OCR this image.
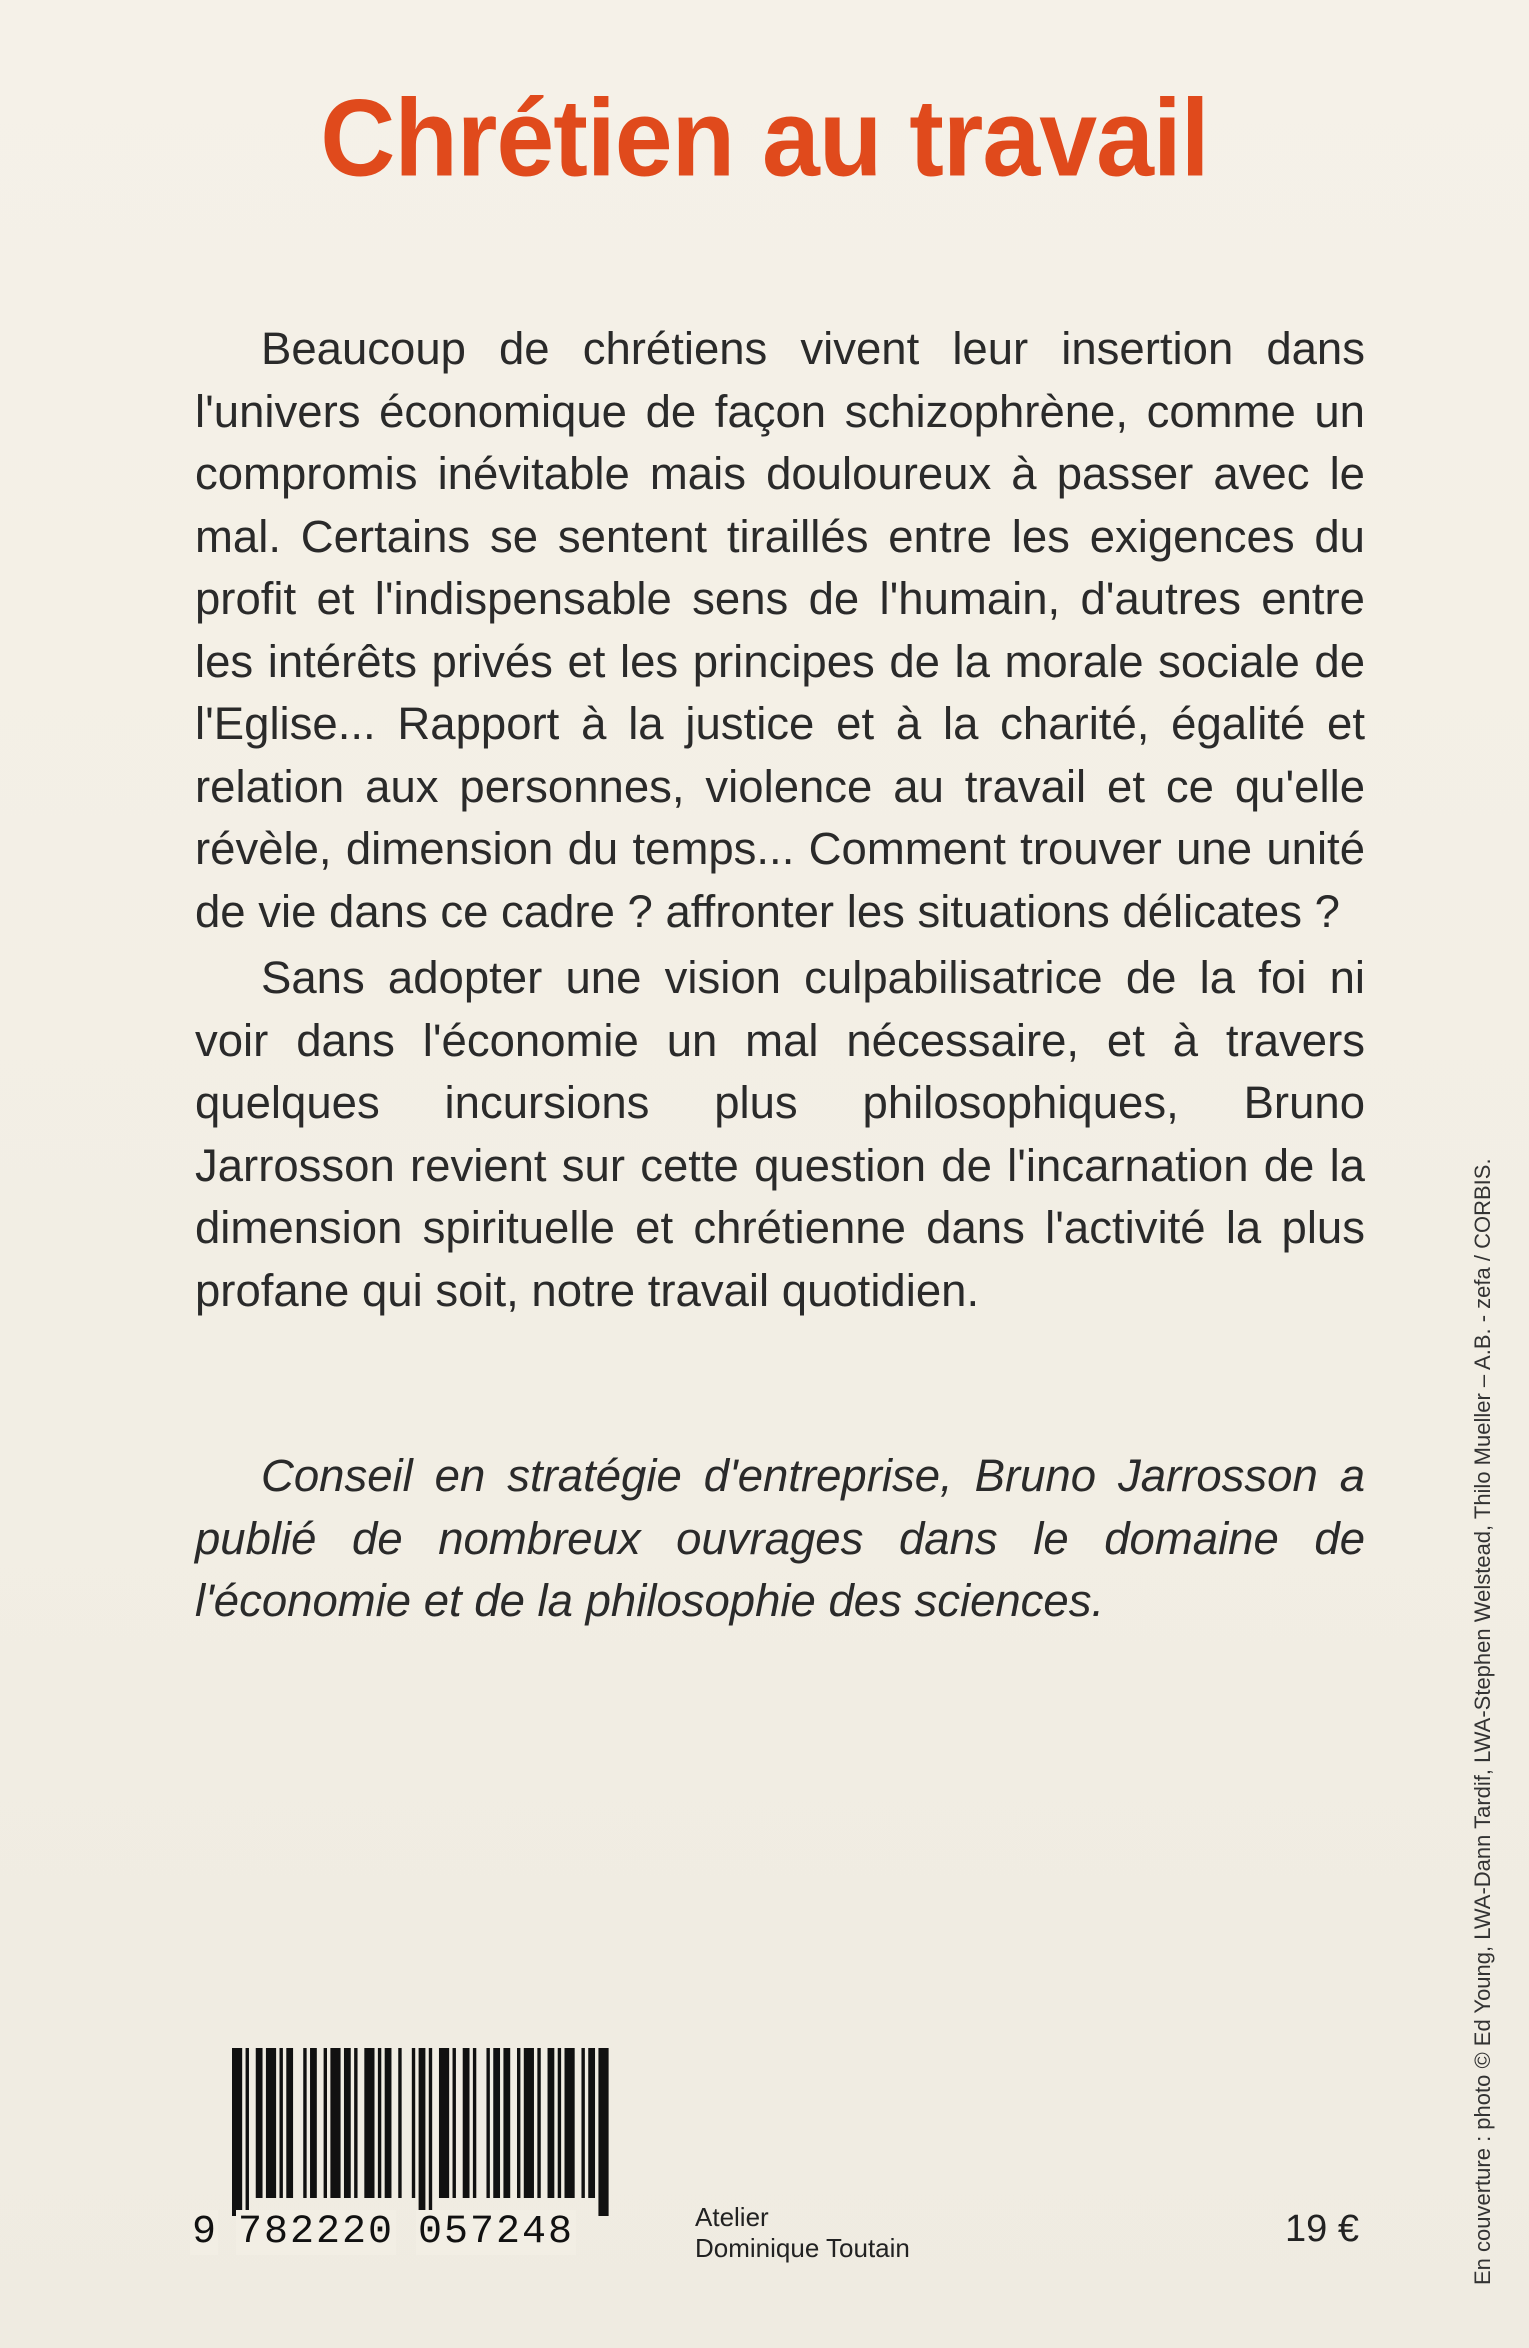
Chrétien au travail

Beaucoup de chrétiens vivent leur insertion dans l'univers économique de façon schizophrène, comme un compromis inévitable mais douloureux à passer avec le mal. Certains se sentent tiraillés entre les exigences du profit et l'indispensable sens de l'humain, d'autres entre les intérêts privés et les principes de la morale sociale de l'Eglise... Rapport à la justice et à la charité, égalité et relation aux personnes, violence au travail et ce qu'elle révèle, dimension du temps... Comment trouver une unité de vie dans ce cadre ? affronter les situations délicates ?

Sans adopter une vision culpabilisatrice de la foi ni voir dans l'économie un mal nécessaire, et à travers quelques incursions plus philosophiques, Bruno Jarrosson revient sur cette question de l'incarnation de la dimension spirituelle et chrétienne dans l'activité la plus profane qui soit, notre travail quotidien.

Conseil en stratégie d'entreprise, Bruno Jarrosson a publié de nombreux ouvrages dans le domaine de l'économie et de la philosophie des sciences.	En couverture : photo © Ed Young, LWA-Dann Tardif, LWA-Stephen Welstead, Thilo Mueller – A.B. - zefa / CORBIS.
9 782220 057248	Atelier
Dominique Toutain	19 €
